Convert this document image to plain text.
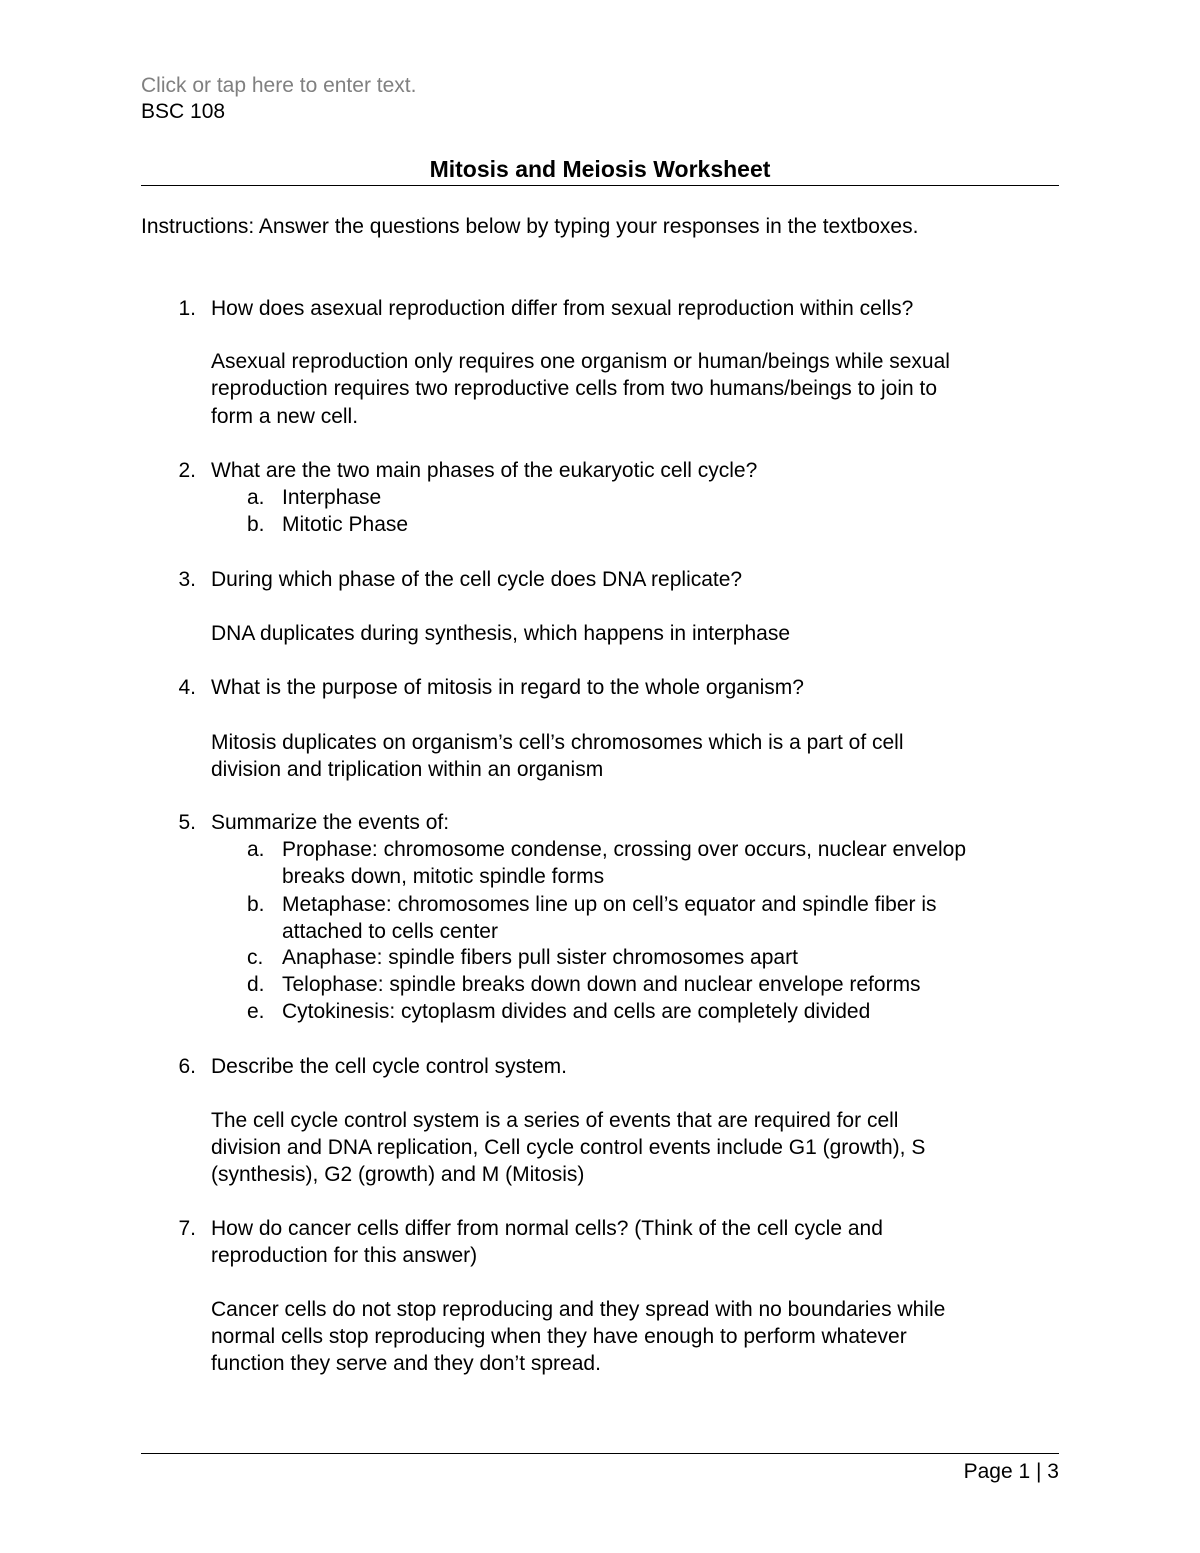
Click or tap here to enter text.
BSC 108
Mitosis and Meiosis Worksheet
Instructions: Answer the questions below by typing your responses in the textboxes.
1. How does asexual reproduction differ from sexual reproduction within cells?
Asexual reproduction only requires one organism or human/beings while sexual
reproduction requires two reproductive cells from two humans/beings to join to
form a new cell.
2. What are the two main phases of the eukaryotic cell cycle?
a. Interphase
b. Mitotic Phase
3. During which phase of the cell cycle does DNA replicate?
DNA duplicates during synthesis, which happens in interphase
4. What is the purpose of mitosis in regard to the whole organism?
Mitosis duplicates on organism’s cell’s chromosomes which is a part of cell
division and triplication within an organism
5. Summarize the events of:
a. Prophase: chromosome condense, crossing over occurs, nuclear envelop
breaks down, mitotic spindle forms
b. Metaphase: chromosomes line up on cell’s equator and spindle fiber is
attached to cells center
c. Anaphase: spindle fibers pull sister chromosomes apart
d. Telophase: spindle breaks down down and nuclear envelope reforms
e. Cytokinesis: cytoplasm divides and cells are completely divided
6. Describe the cell cycle control system.
The cell cycle control system is a series of events that are required for cell
division and DNA replication, Cell cycle control events include G1 (growth), S
(synthesis), G2 (growth) and M (Mitosis)
7. How do cancer cells differ from normal cells? (Think of the cell cycle and
reproduction for this answer)
Cancer cells do not stop reproducing and they spread with no boundaries while
normal cells stop reproducing when they have enough to perform whatever
function they serve and they don’t spread.
Page 1 | 3
